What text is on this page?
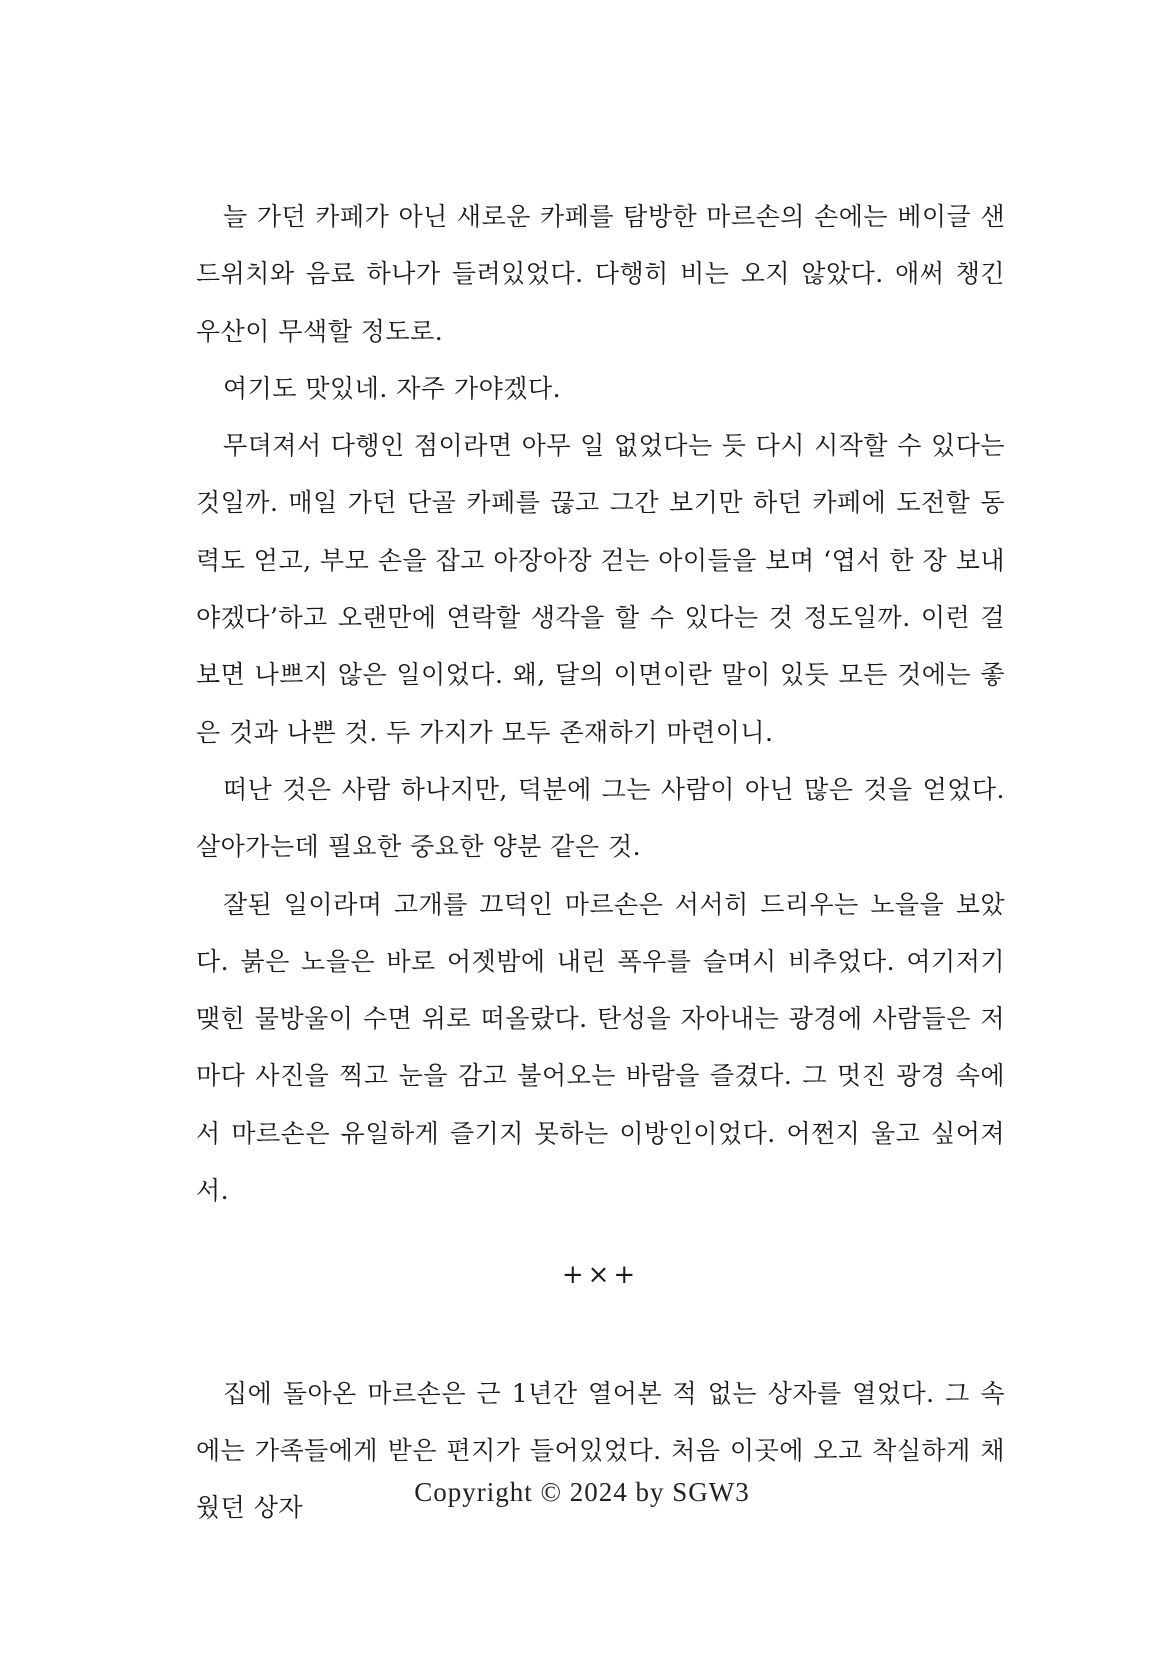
늘 가던 카페가 아닌 새로운 카페를 탐방한 마르손의 손에는 베이글 샌드위치와 음료 하나가 들려있었다. 다행히 비는 오지 않았다. 애써 챙긴 우산이 무색할 정도로.

여기도 맛있네. 자주 가야겠다.

무뎌져서 다행인 점이라면 아무 일 없었다는 듯 다시 시작할 수 있다는 것일까. 매일 가던 단골 카페를 끊고 그간 보기만 하던 카페에 도전할 동력도 얻고, 부모 손을 잡고 아장아장 걷는 아이들을 보며 ‘엽서 한 장 보내야겠다’하고 오랜만에 연락할 생각을 할 수 있다는 것 정도일까. 이런 걸 보면 나쁘지 않은 일이었다. 왜, 달의 이면이란 말이 있듯 모든 것에는 좋은 것과 나쁜 것. 두 가지가 모두 존재하기 마련이니.

떠난 것은 사람 하나지만, 덕분에 그는 사람이 아닌 많은 것을 얻었다. 살아가는데 필요한 중요한 양분 같은 것.

잘된 일이라며 고개를 끄덕인 마르손은 서서히 드리우는 노을을 보았다. 붉은 노을은 바로 어젯밤에 내린 폭우를 슬며시 비추었다. 여기저기 맺힌 물방울이 수면 위로 떠올랐다. 탄성을 자아내는 광경에 사람들은 저마다 사진을 찍고 눈을 감고 불어오는 바람을 즐겼다. 그 멋진 광경 속에서 마르손은 유일하게 즐기지 못하는 이방인이었다. 어쩐지 울고 싶어져서.

+×+

집에 돌아온 마르손은 근 1년간 열어본 적 없는 상자를 열었다. 그 속에는 가족들에게 받은 편지가 들어있었다. 처음 이곳에 오고 착실하게 채웠던 상자

Copyright © 2024 by SGW3
